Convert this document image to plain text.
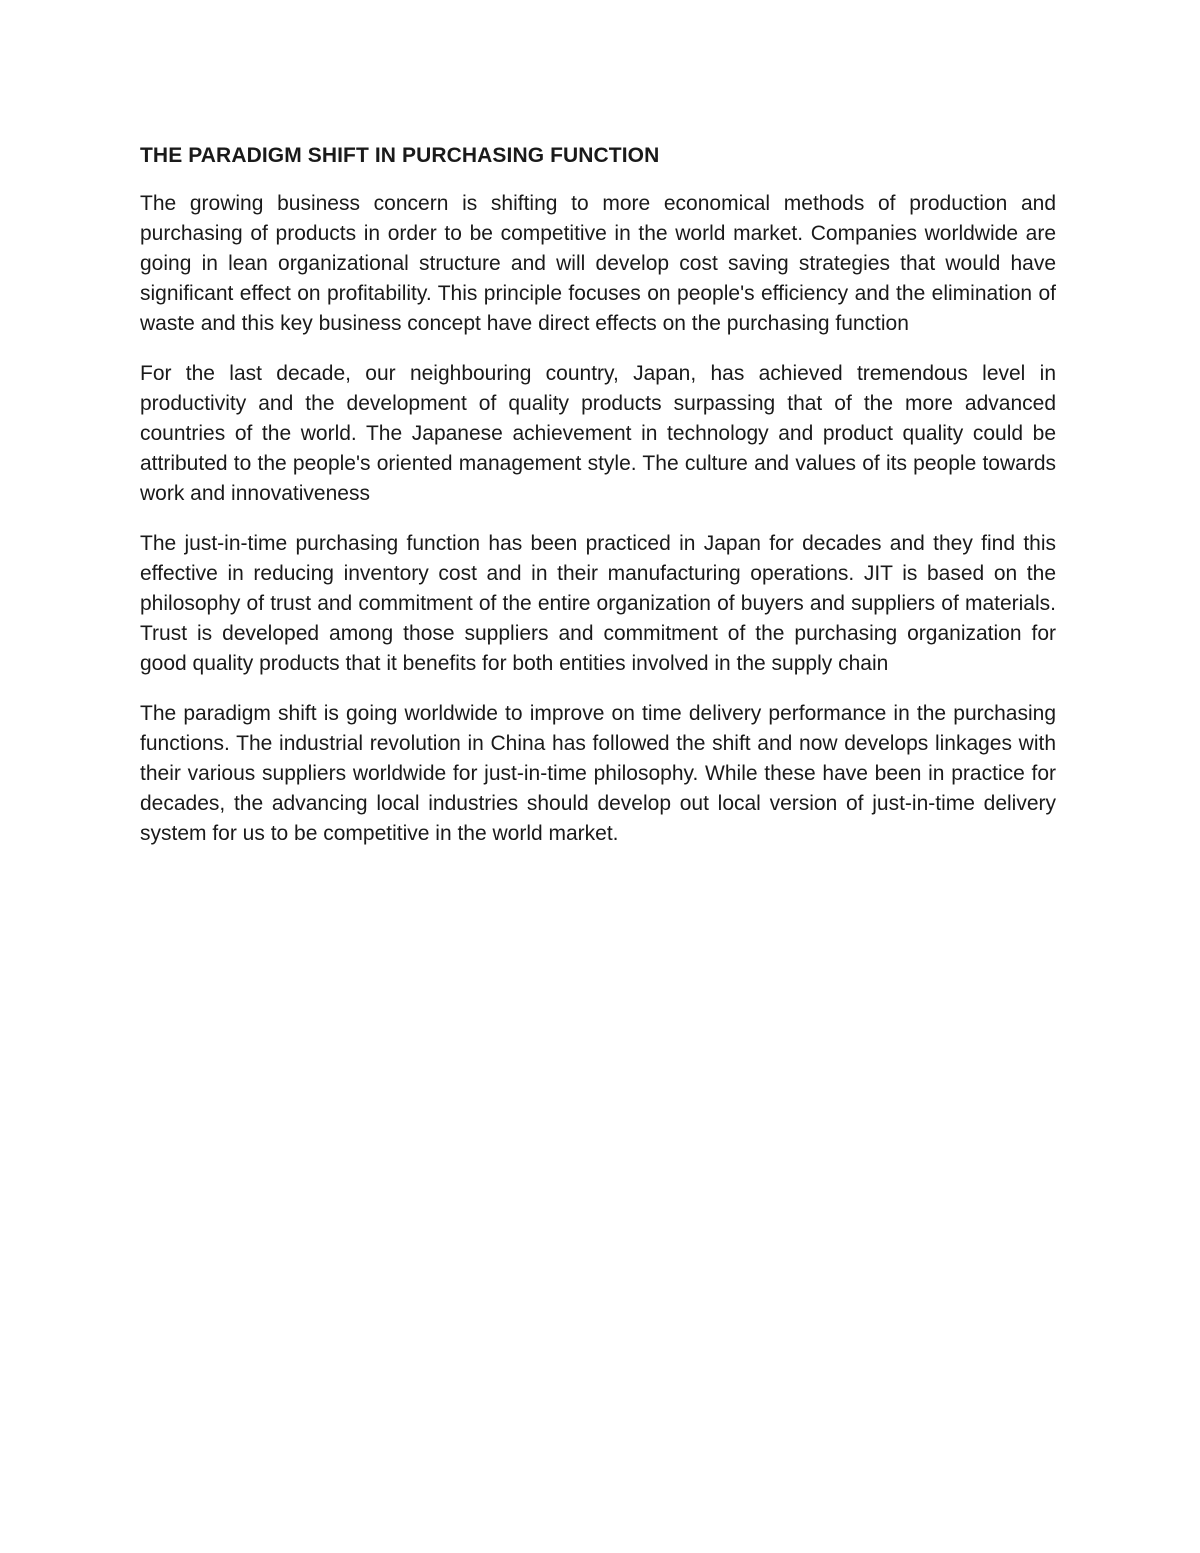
THE PARADIGM SHIFT IN PURCHASING FUNCTION

The growing business concern is shifting to more economical methods of production and purchasing of products in order to be competitive in the world market. Companies worldwide are going in lean organizational structure and will develop cost saving strategies that would have significant effect on profitability. This principle focuses on people's efficiency and the elimination of waste and this key business concept have direct effects on the purchasing function

For the last decade, our neighbouring country, Japan, has achieved tremendous level in productivity and the development of quality products surpassing that of the more advanced countries of the world. The Japanese achievement in technology and product quality could be attributed to the people's oriented management style. The culture and values of its people towards work and innovativeness

The just-in-time purchasing function has been practiced in Japan for decades and they find this effective in reducing inventory cost and in their manufacturing operations. JIT is based on the philosophy of trust and commitment of the entire organization of buyers and suppliers of materials. Trust is developed among those suppliers and commitment of the purchasing organization for good quality products that it benefits for both entities involved in the supply chain

The paradigm shift is going worldwide to improve on time delivery performance in the purchasing functions. The industrial revolution in China has followed the shift and now develops linkages with their various suppliers worldwide for just-in-time philosophy. While these have been in practice for decades, the advancing local industries should develop out local version of just-in-time delivery system for us to be competitive in the world market.
